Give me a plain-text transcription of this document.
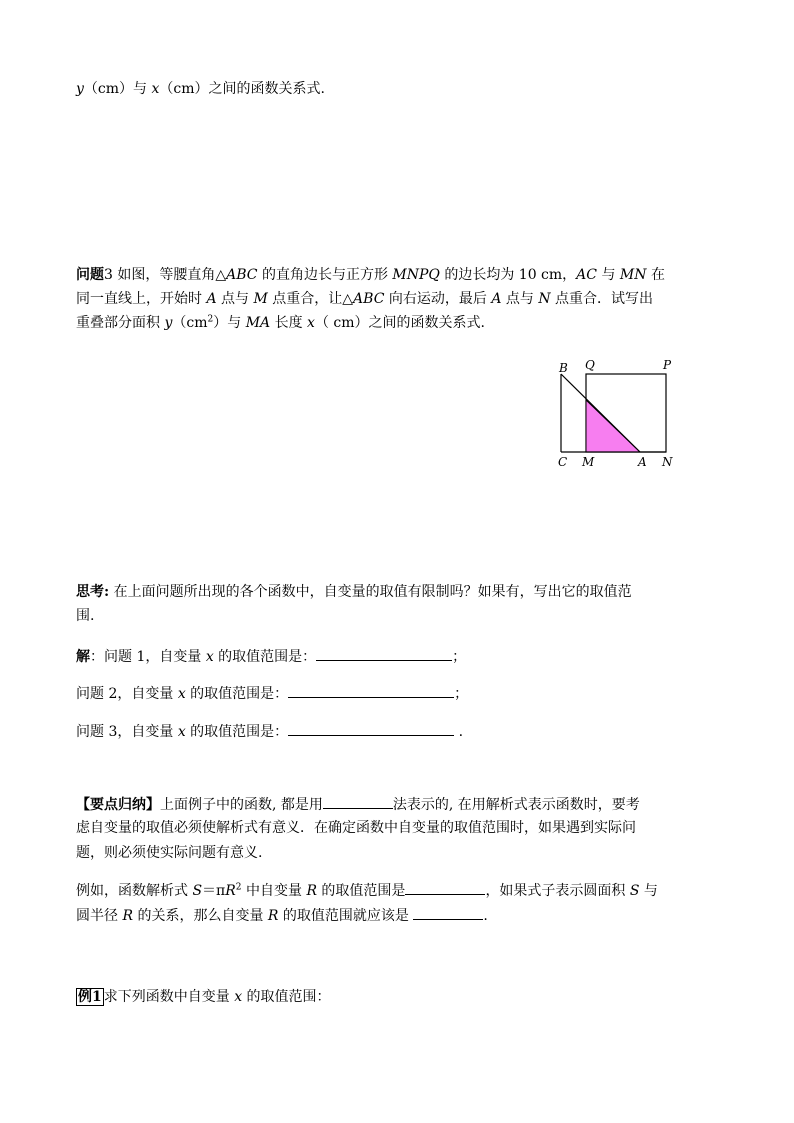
y（cm）与 x（cm）之间的函数关系式.
问题3 如图，等腰直角△ABC 的直角边长与正方形 MNPQ 的边长均为 10 cm，AC 与 MN 在
同一直线上，开始时 A 点与 M 点重合，让△ABC 向右运动，最后 A 点与 N 点重合．试写出
重叠部分面积 $y(cm^2)$与 MA 长度 x（ cm）之间的函数关系式.
B Q	P
C M	A N
思考: 在上面问题所出现的各个函数中，自变量的取值有限制吗？如果有，写出它的取值范
围.
解：问题 1，自变量 x 的取值范围是：	；
问题 2，自变量 x 的取值范围是：	；
问题 3，自变量 x 的取值范围是：	.
【要点归纳】上面例子中的函数, 都是用	法表示的, 在用解析式表示函数时，要考
虑自变量的取值必须使解析式有意义．在确定函数中自变量的取值范围时，如果遇到实际问
题，则必须使实际问题有意义.
例如，函数解析式 $S=\pi R^2$ 中自变量 R 的取值范围是	，如果式子表示圆面积 S 与
圆半径 R 的关系，那么自变量 R 的取值范围就应该是	.
例1 求下列函数中自变量 x 的取值范围：
